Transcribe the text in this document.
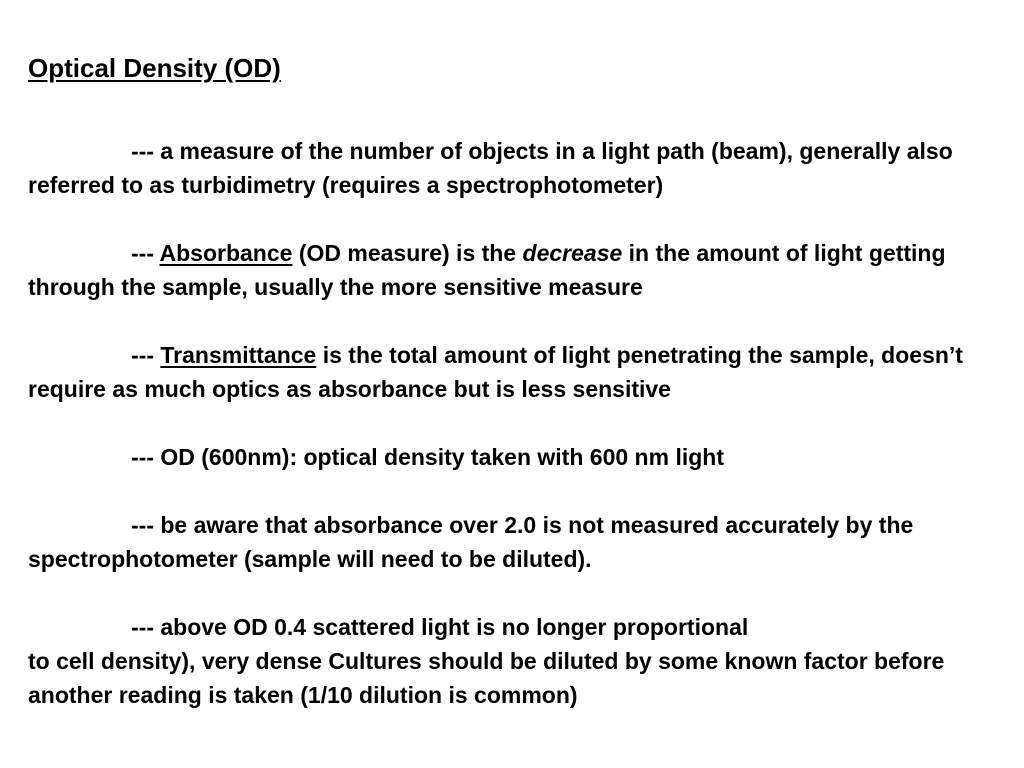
Optical Density (OD)

--- a measure of the number of objects in a light path (beam), generally also referred to as turbidimetry (requires a spectrophotometer)

--- Absorbance (OD measure) is the decrease in the amount of light getting through the sample, usually the more sensitive measure

--- Transmittance is the total amount of light penetrating the sample, doesn’t require as much optics as absorbance but is less sensitive

--- OD (600nm): optical density taken with 600 nm light

--- be aware that absorbance over 2.0 is not measured accurately by the spectrophotometer (sample will need to be diluted).

--- above OD 0.4 scattered light is no longer proportional
to cell density), very dense Cultures should be diluted by some known factor before another reading is taken (1/10 dilution is common)
